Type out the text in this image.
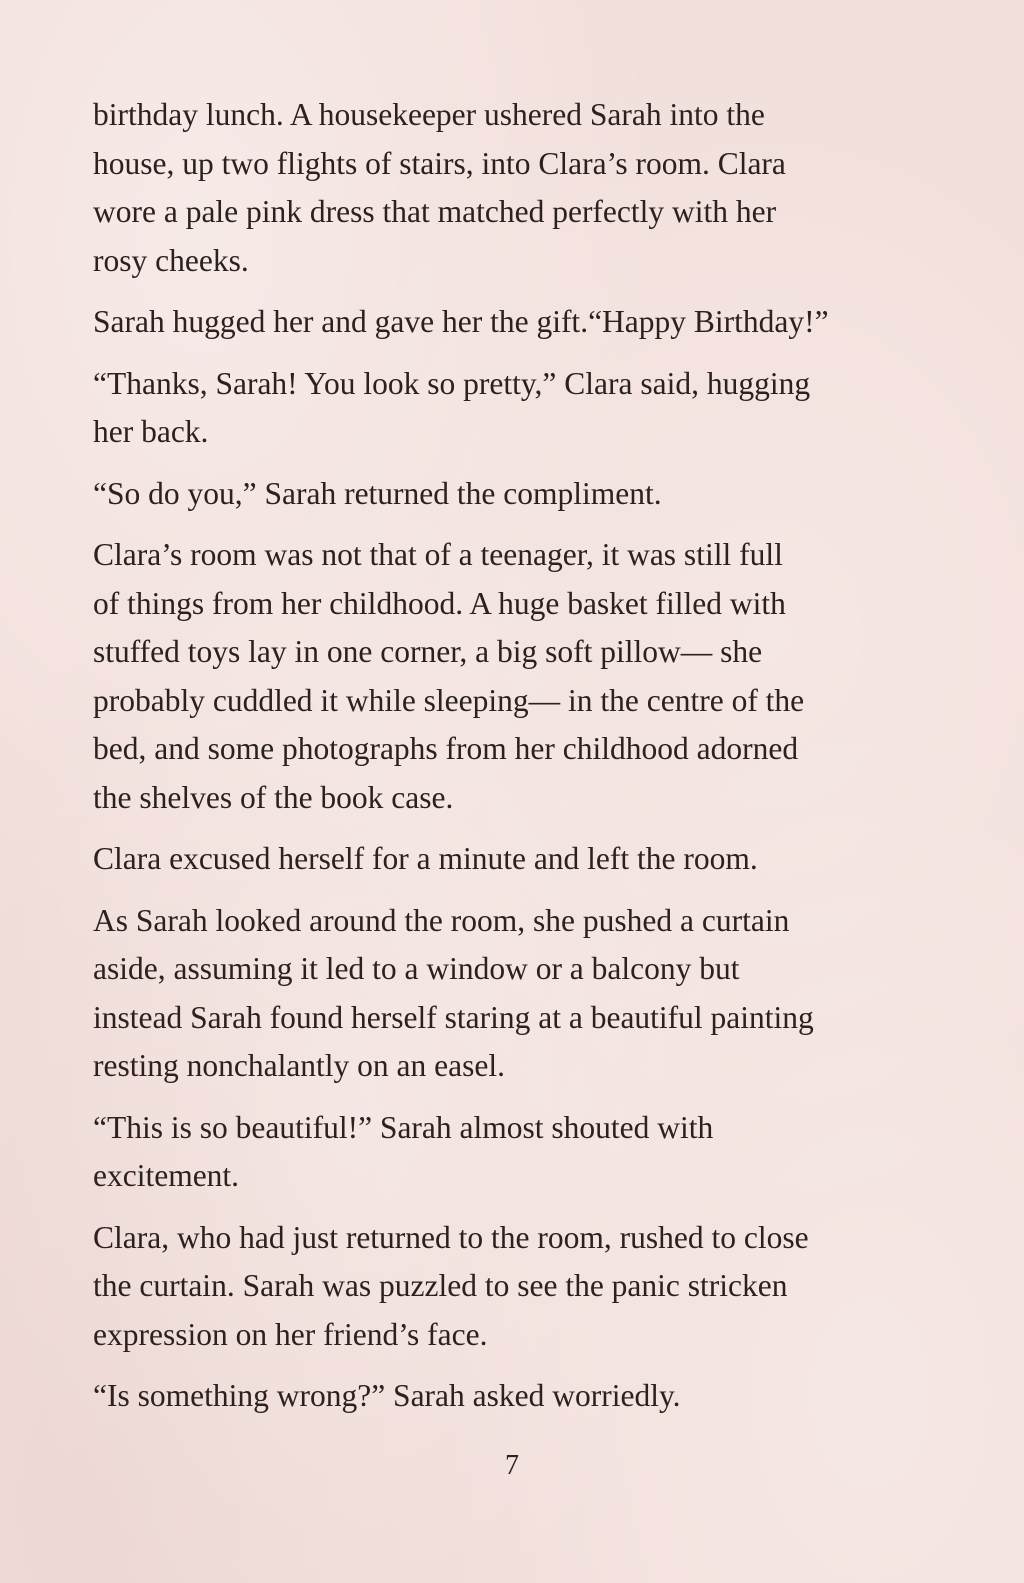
birthday lunch. A housekeeper ushered Sarah into the
house, up two flights of stairs, into Clara’s room. Clara
wore a pale pink dress that matched perfectly with her
rosy cheeks.

Sarah hugged her and gave her the gift.“Happy Birthday!”

“Thanks, Sarah! You look so pretty,” Clara said, hugging
her back.

“So do you,” Sarah returned the compliment.

Clara’s room was not that of a teenager, it was still full
of things from her childhood. A huge basket filled with
stuffed toys lay in one corner, a big soft pillow— she
probably cuddled it while sleeping— in the centre of the
bed, and some photographs from her childhood adorned
the shelves of the book case.

Clara excused herself for a minute and left the room.

As Sarah looked around the room, she pushed a curtain
aside, assuming it led to a window or a balcony but
instead Sarah found herself staring at a beautiful painting
resting nonchalantly on an easel.

“This is so beautiful!” Sarah almost shouted with
excitement.

Clara, who had just returned to the room, rushed to close
the curtain. Sarah was puzzled to see the panic stricken
expression on her friend’s face.

“Is something wrong?” Sarah asked worriedly.

7
